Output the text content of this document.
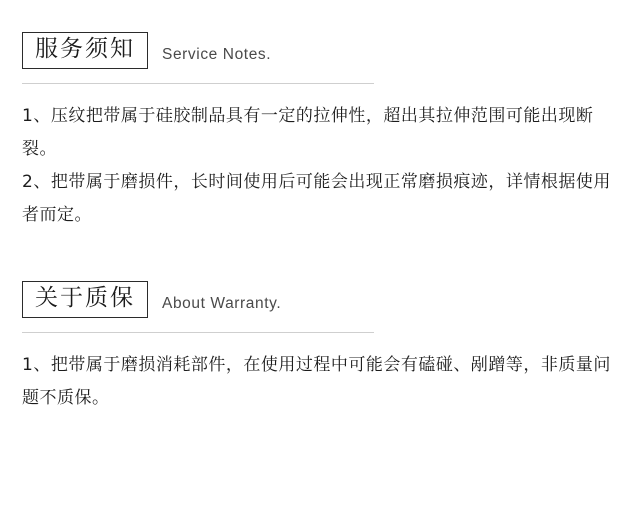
服务须知	Service Notes.
1、压纹把带属于硅胶制品具有一定的拉伸性，超出其拉伸范围可能出现断裂。
2、把带属于磨损件，长时间使用后可能会出现正常磨损痕迹，详情根据使用者而定。
关于质保	About Warranty.
1、把带属于磨损消耗部件，在使用过程中可能会有磕碰、剐蹭等，非质量问题不质保。
